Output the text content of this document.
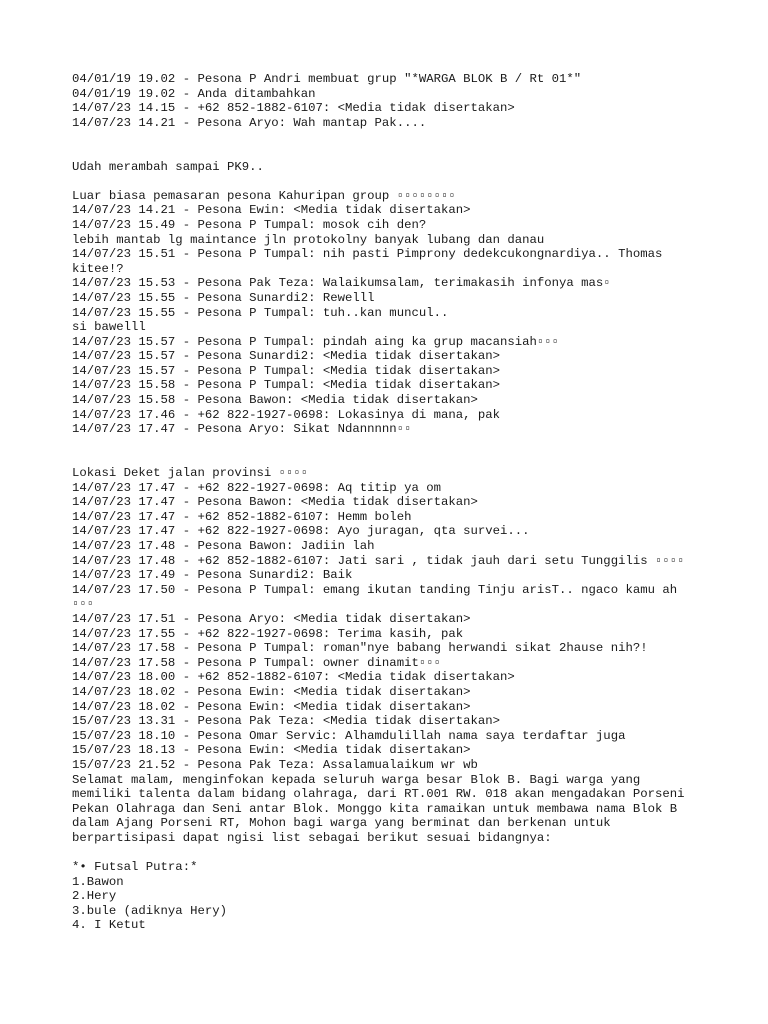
04/01/19 19.02 - Pesona P Andri membuat grup "*WARGA BLOK B / Rt 01*"
04/01/19 19.02 - Anda ditambahkan
14/07/23 14.15 - +62 852-1882-6107: <Media tidak disertakan>
14/07/23 14.21 - Pesona Aryo: Wah mantap Pak....
Udah merambah sampai PK9..
Luar biasa pemasaran pesona Kahuripan group ▫▫▫▫▫▫▫▫
14/07/23 14.21 - Pesona Ewin: <Media tidak disertakan>
14/07/23 15.49 - Pesona P Tumpal: mosok cih den?
lebih mantab lg maintance jln protokolny banyak lubang dan danau
14/07/23 15.51 - Pesona P Tumpal: nih pasti Pimprony dedekcukongnardiya.. Thomas
kitee!?
14/07/23 15.53 - Pesona Pak Teza: Walaikumsalam, terimakasih infonya mas▫
14/07/23 15.55 - Pesona Sunardi2: Rewelll
14/07/23 15.55 - Pesona P Tumpal: tuh..kan muncul..
si bawelll
14/07/23 15.57 - Pesona P Tumpal: pindah aing ka grup macansiah▫▫▫
14/07/23 15.57 - Pesona Sunardi2: <Media tidak disertakan>
14/07/23 15.57 - Pesona P Tumpal: <Media tidak disertakan>
14/07/23 15.58 - Pesona P Tumpal: <Media tidak disertakan>
14/07/23 15.58 - Pesona Bawon: <Media tidak disertakan>
14/07/23 17.46 - +62 822-1927-0698: Lokasinya di mana, pak
14/07/23 17.47 - Pesona Aryo: Sikat Ndannnnn▫▫
Lokasi Deket jalan provinsi ▫▫▫▫
14/07/23 17.47 - +62 822-1927-0698: Aq titip ya om
14/07/23 17.47 - Pesona Bawon: <Media tidak disertakan>
14/07/23 17.47 - +62 852-1882-6107: Hemm boleh
14/07/23 17.47 - +62 822-1927-0698: Ayo juragan, qta survei...
14/07/23 17.48 - Pesona Bawon: Jadiin lah
14/07/23 17.48 - +62 852-1882-6107: Jati sari , tidak jauh dari setu Tunggilis ▫▫▫▫
14/07/23 17.49 - Pesona Sunardi2: Baik
14/07/23 17.50 - Pesona P Tumpal: emang ikutan tanding Tinju arisT.. ngaco kamu ah
▫▫▫
14/07/23 17.51 - Pesona Aryo: <Media tidak disertakan>
14/07/23 17.55 - +62 822-1927-0698: Terima kasih, pak
14/07/23 17.58 - Pesona P Tumpal: roman"nye babang herwandi sikat 2hause nih?!
14/07/23 17.58 - Pesona P Tumpal: owner dinamit▫▫▫
14/07/23 18.00 - +62 852-1882-6107: <Media tidak disertakan>
14/07/23 18.02 - Pesona Ewin: <Media tidak disertakan>
14/07/23 18.02 - Pesona Ewin: <Media tidak disertakan>
15/07/23 13.31 - Pesona Pak Teza: <Media tidak disertakan>
15/07/23 18.10 - Pesona Omar Servic: Alhamdulillah nama saya terdaftar juga
15/07/23 18.13 - Pesona Ewin: <Media tidak disertakan>
15/07/23 21.52 - Pesona Pak Teza: Assalamualaikum wr wb
Selamat malam, menginfokan kepada seluruh warga besar Blok B. Bagi warga yang
memiliki talenta dalam bidang olahraga, dari RT.001 RW. 018 akan mengadakan Porseni
Pekan Olahraga dan Seni antar Blok. Monggo kita ramaikan untuk membawa nama Blok B
dalam Ajang Porseni RT, Mohon bagi warga yang berminat dan berkenan untuk
berpartisipasi dapat ngisi list sebagai berikut sesuai bidangnya:
*• Futsal Putra:*
1.Bawon
2.Hery
3.bule (adiknya Hery)
4. I Ketut
